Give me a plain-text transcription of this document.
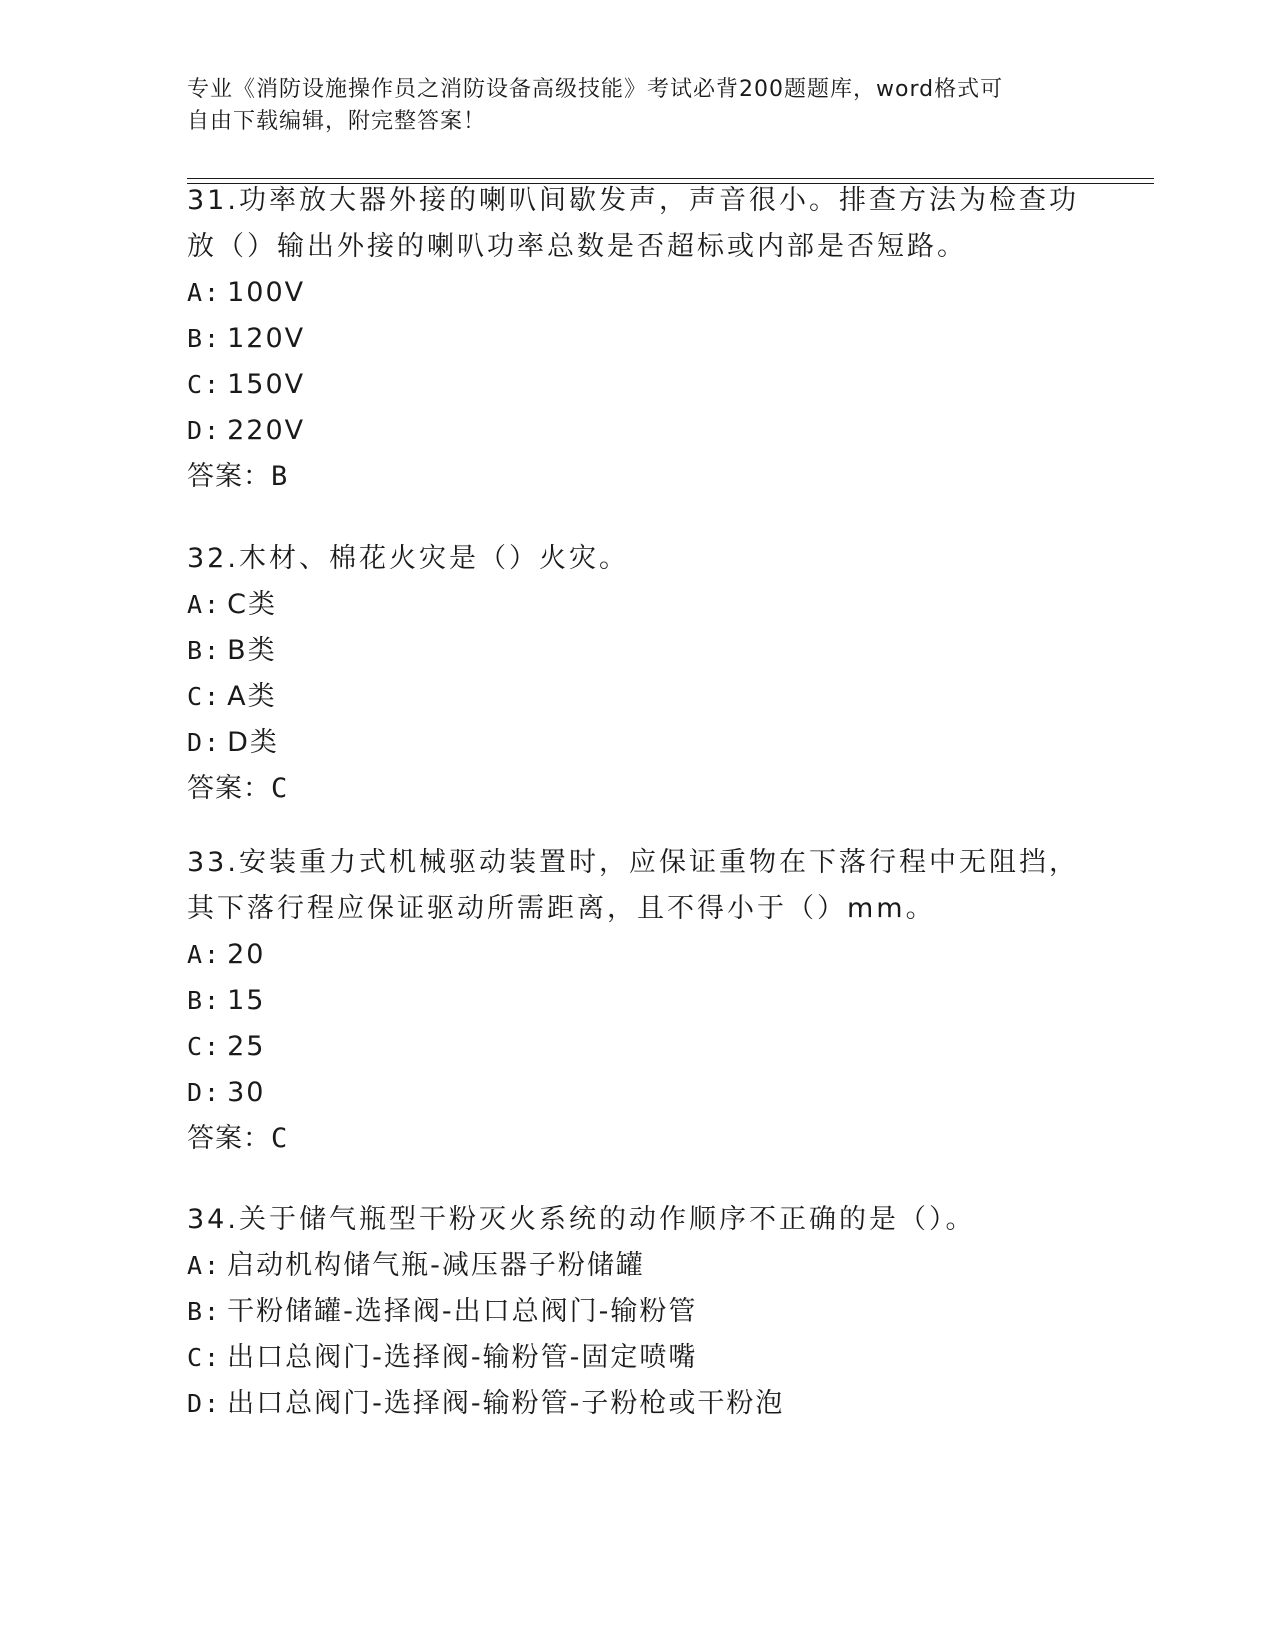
专业《消防设施操作员之消防设备高级技能》考试必背200题题库，word格式可
自由下载编辑，附完整答案！
31.功率放大器外接的喇叭间歇发声，声音很小。排查方法为检查功放（）输出外接的喇叭功率总数是否超标或内部是否短路。
A: 100V
B: 120V
C: 150V
D: 220V
答案：B
32.木材、棉花火灾是（）火灾。
A: C类
B: B类
C: A类
D: D类
答案：C
33.安装重力式机械驱动装置时，应保证重物在下落行程中无阻挡，其下落行程应保证驱动所需距离，且不得小于（）mm。
A: 20
B: 15
C: 25
D: 30
答案：C
34.关于储气瓶型干粉灭火系统的动作顺序不正确的是（）。
A: 启动机构储气瓶-减压器子粉储罐
B: 干粉储罐-选择阀-出口总阀门-输粉管
C: 出口总阀门-选择阀-输粉管-固定喷嘴
D: 出口总阀门-选择阀-输粉管-子粉枪或干粉泡
